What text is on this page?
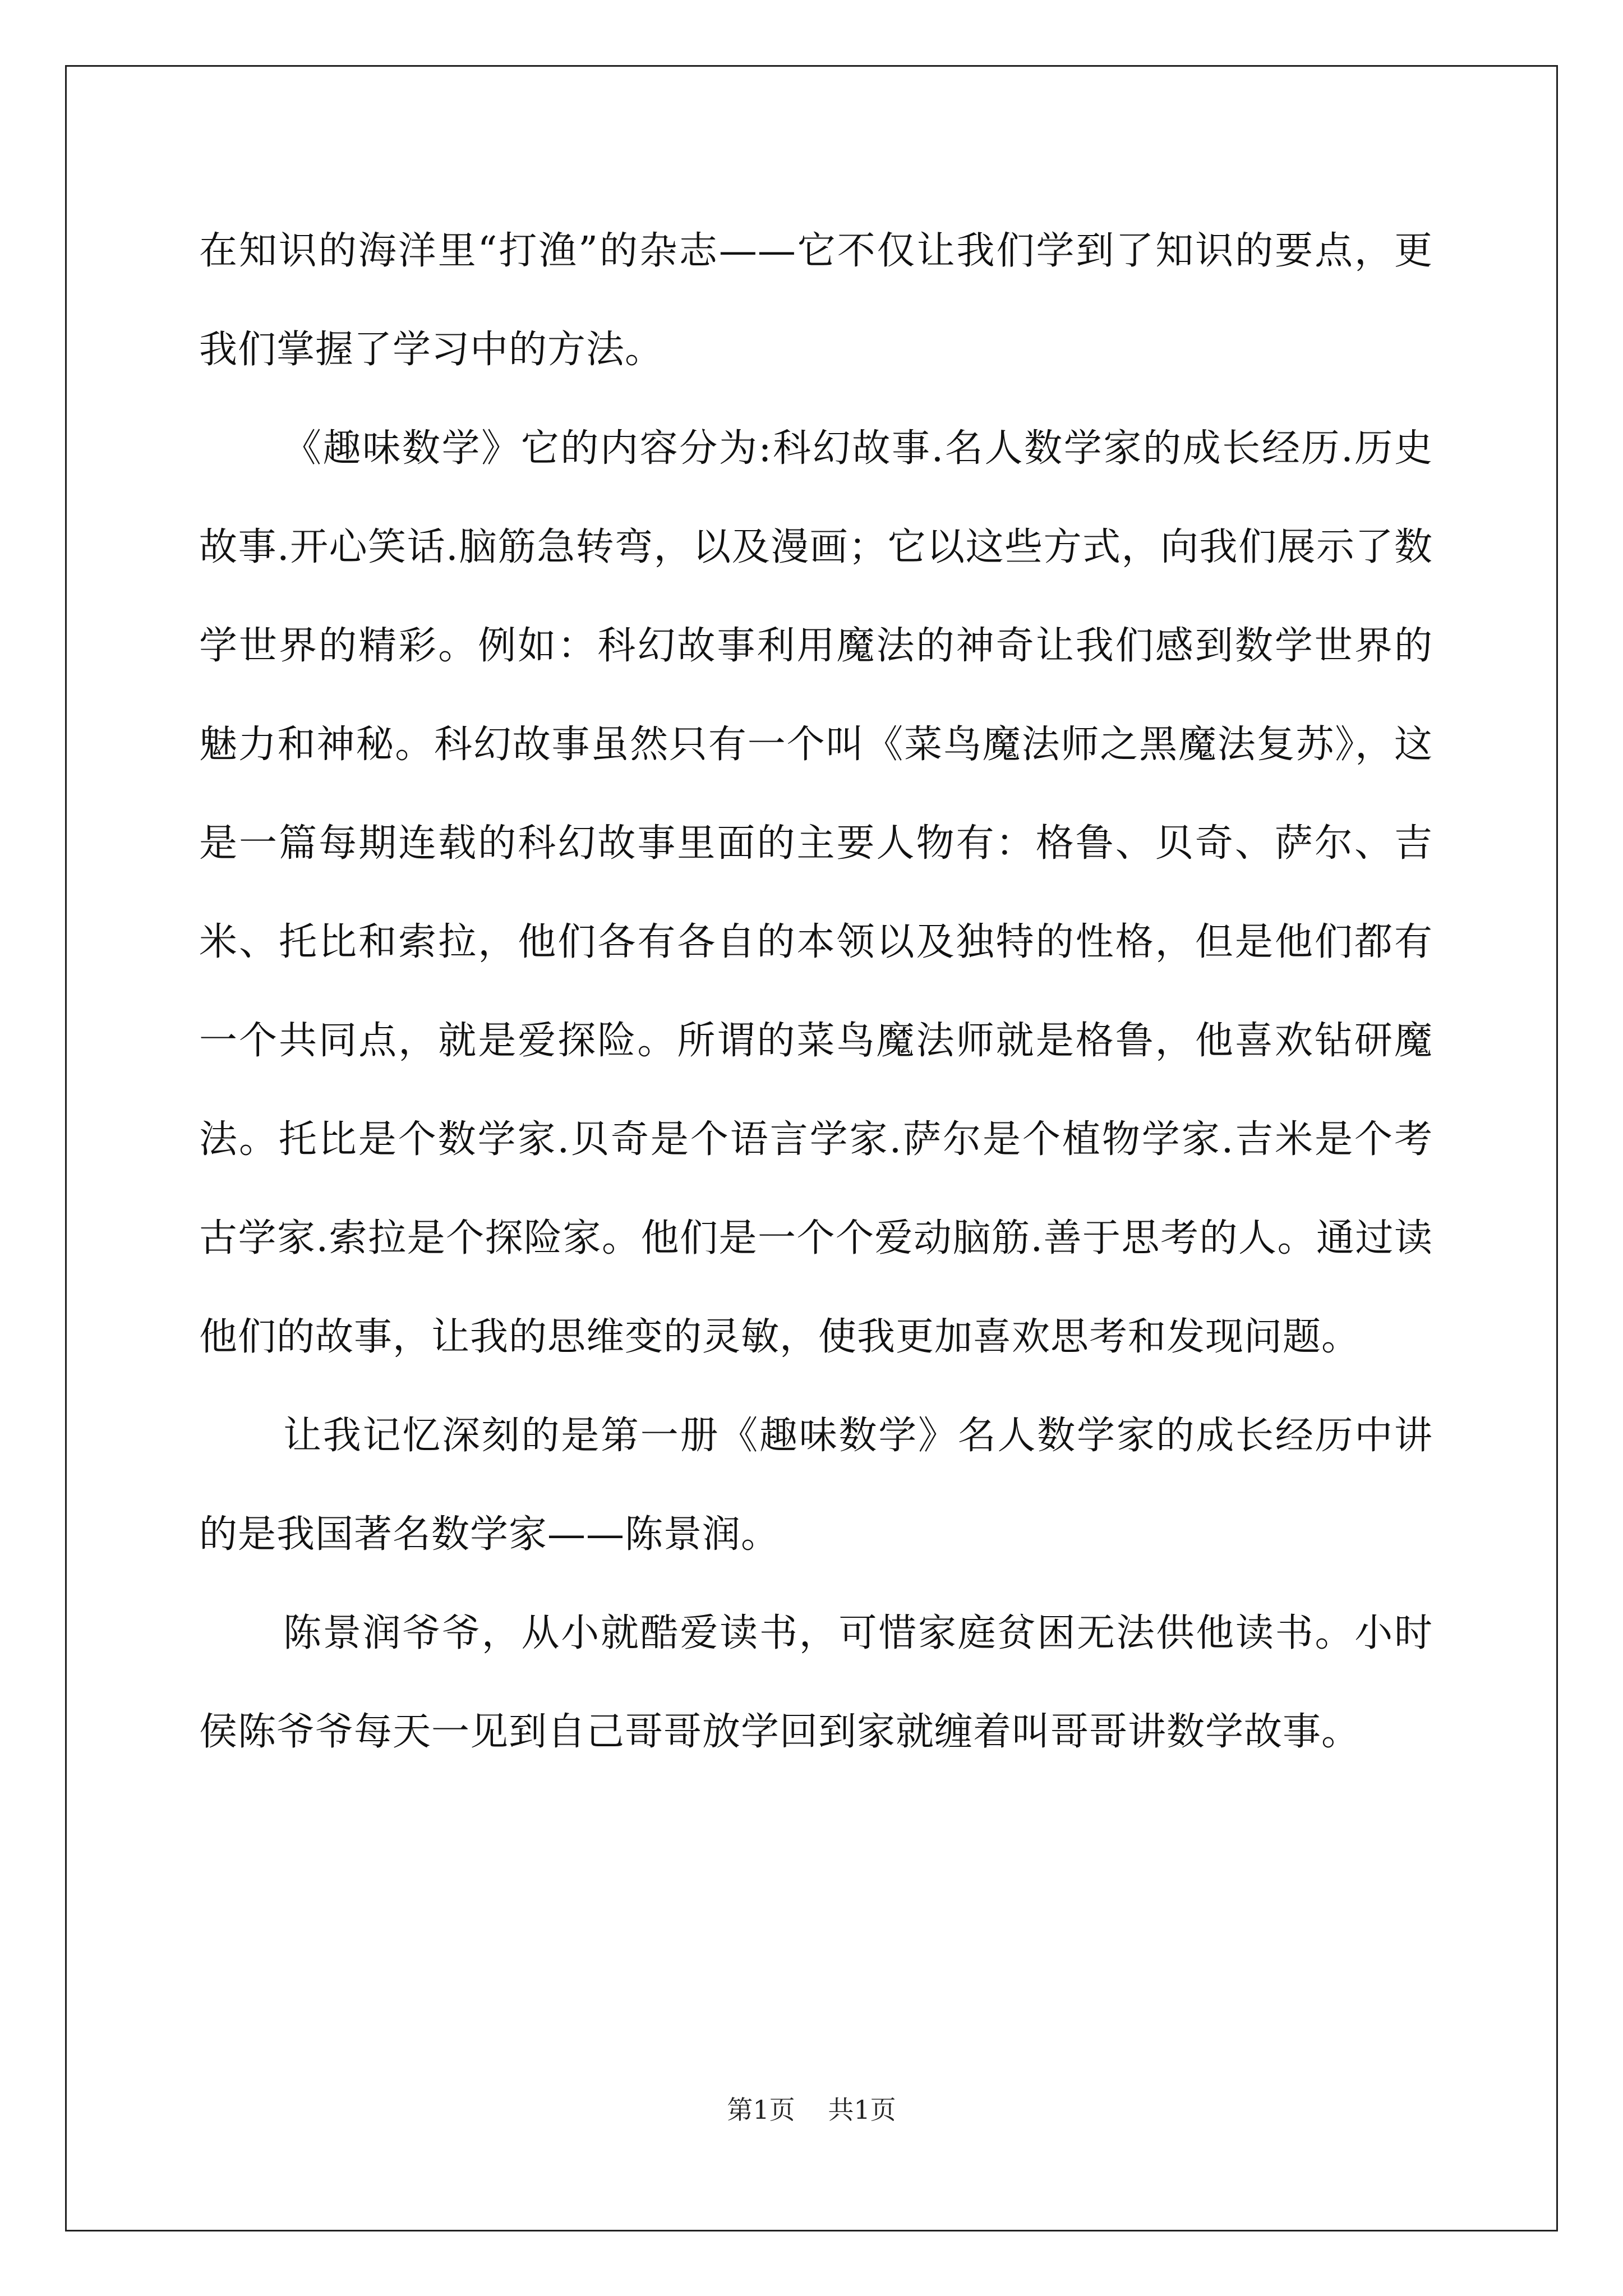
在知识的海洋里“打渔”的杂志——它不仅让我们学到了知识的要点，更我们掌握了学习中的方法。

《趣味数学》它的内容分为:科幻故事.名人数学家的成长经历.历史故事.开心笑话.脑筋急转弯，以及漫画；它以这些方式，向我们展示了数学世界的精彩。例如：科幻故事利用魔法的神奇让我们感到数学世界的魅力和神秘。科幻故事虽然只有一个叫《菜鸟魔法师之黑魔法复苏》，这是一篇每期连载的科幻故事里面的主要人物有：格鲁、贝奇、萨尔、吉米、托比和索拉，他们各有各自的本领以及独特的性格，但是他们都有一个共同点，就是爱探险。所谓的菜鸟魔法师就是格鲁，他喜欢钻研魔法。托比是个数学家.贝奇是个语言学家.萨尔是个植物学家.吉米是个考古学家.索拉是个探险家。他们是一个个爱动脑筋.善于思考的人。通过读他们的故事，让我的思维变的灵敏，使我更加喜欢思考和发现问题。

让我记忆深刻的是第一册《趣味数学》名人数学家的成长经历中讲的是我国著名数学家——陈景润。

陈景润爷爷，从小就酷爱读书，可惜家庭贫困无法供他读书。小时侯陈爷爷每天一见到自己哥哥放学回到家就缠着叫哥哥讲数学故事。

第1页 共1页
